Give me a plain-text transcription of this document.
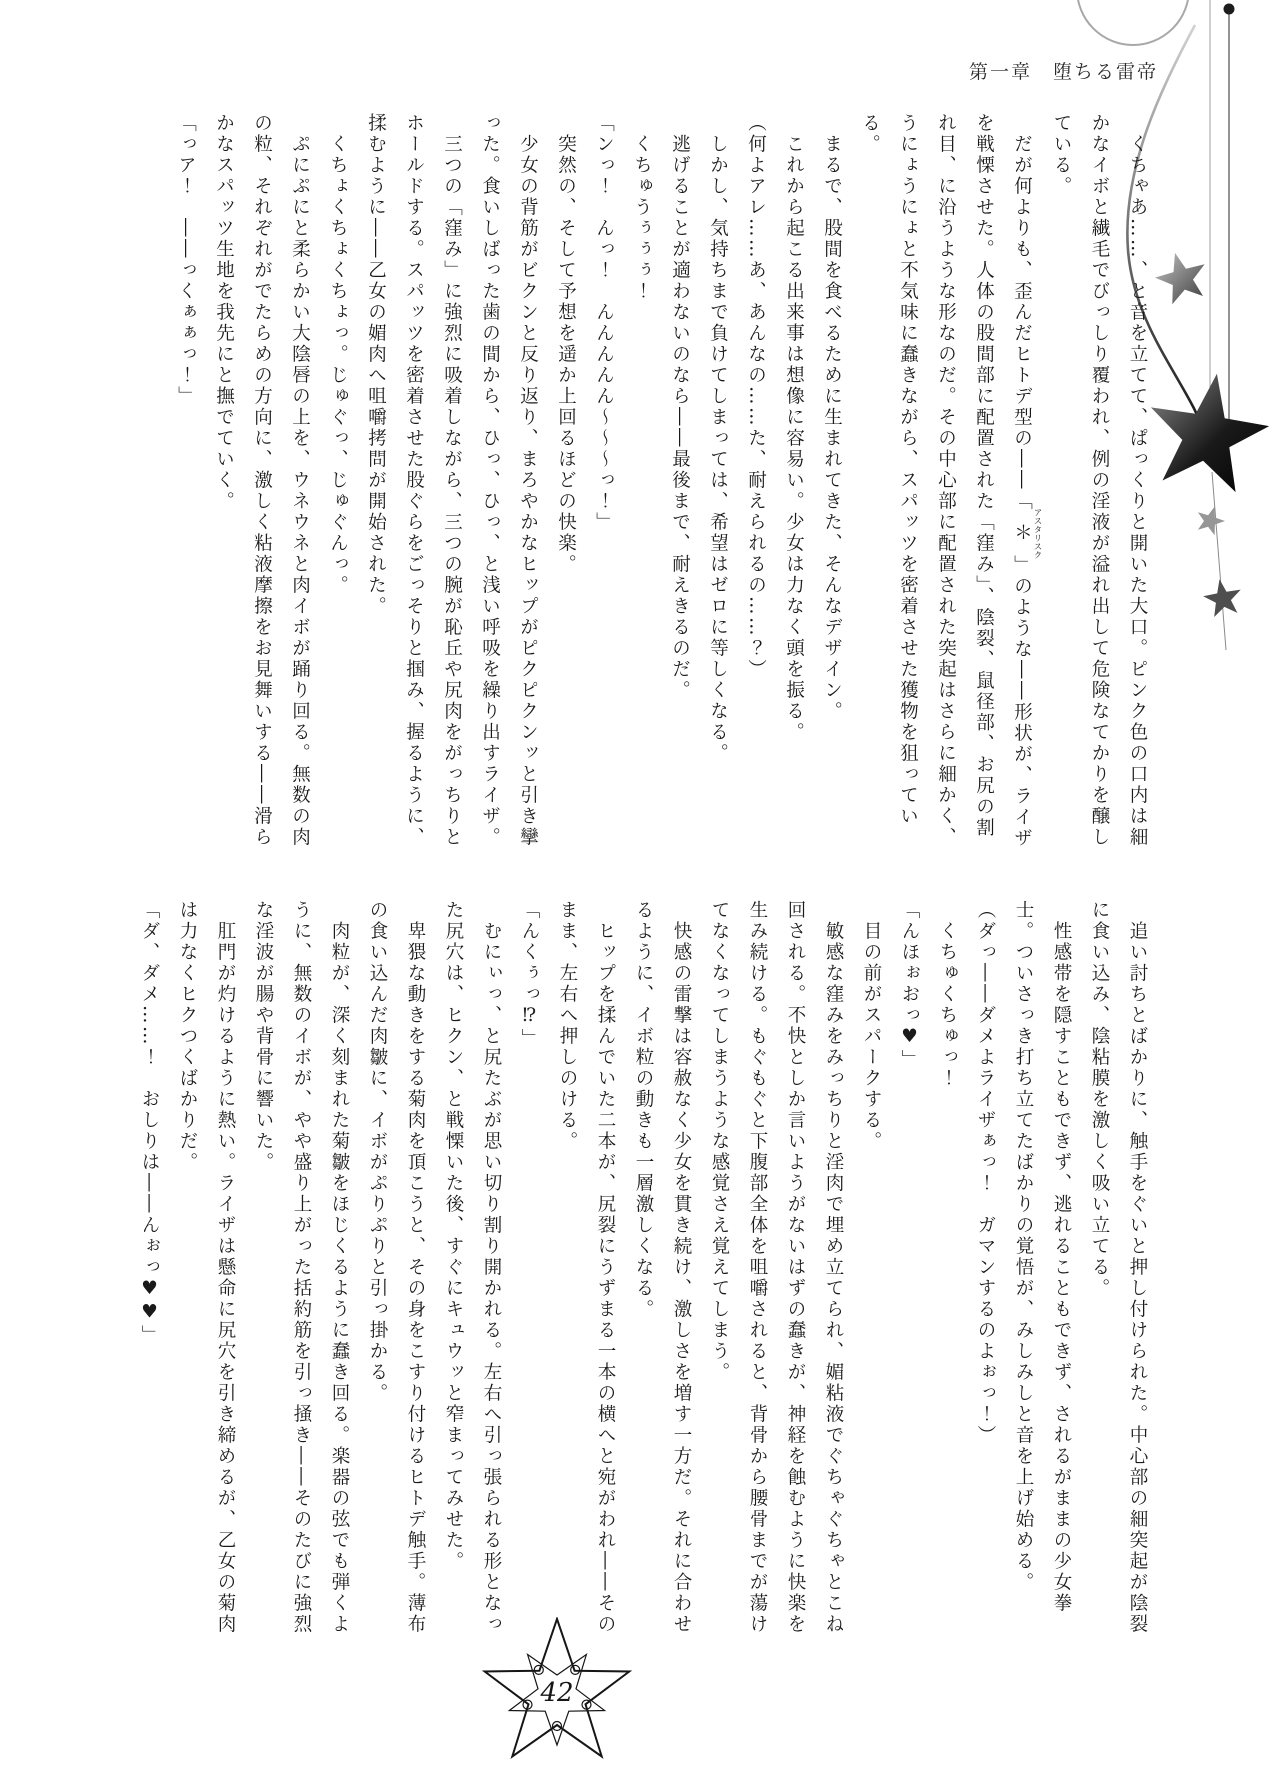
第一章　堕ちる雷帝

　くちゃあ……、と音を立てて、ぱっくりと開いた大口。ピンク色の口内は細かなイボと繊毛でびっしり覆われ、例の淫液が溢れ出して危険なてかりを醸している。

　だが何よりも、歪んだヒトデ型の――「＊ アスタリスク」のような――形状が、ライザを戦慄させた。人体の股間部に配置された「窪み」、陰裂、鼠径部、お尻の割れ目、に沿うような形なのだ。その中心部に配置された突起はさらに細かく、うにょうにょと不気味に蠢きながら、スパッツを密着させた獲物を狙っている。

　まるで、股間を食べるために生まれてきた、そんなデザイン。

　これから起こる出来事は想像に容易い。少女は力なく頭を振る。

（何よアレ……あ、あんなの……た、耐えられるの……？）

　しかし、気持ちまで負けてしまっては、希望はゼロに等しくなる。

　逃げることが適わないのなら――最後まで、耐えきるのだ。

　くちゅうぅぅぅ！

「ンっ！　んっ！　んんんんん～～～っ！」

　突然の、そして予想を遥か上回るほどの快楽。

　少女の背筋がビクンと反り返り、まろやかなヒップがピクピクンッと引き攣った。食いしばった歯の間から、ひっ、ひっ、と浅い呼吸を繰り出すライザ。

　三つの「窪み」に強烈に吸着しながら、三つの腕が恥丘や尻肉をがっちりとホールドする。スパッツを密着させた股ぐらをごっそりと掴み、握るように、揉むように――乙女の媚肉へ咀嚼拷問が開始された。

　くちょくちょくちょっ。じゅぐっ、じゅぐんっ。

　ぷにぷにと柔らかい大陰唇の上を、ウネウネと肉イボが踊り回る。無数の肉の粒、それぞれがでたらめの方向に、激しく粘液摩擦をお見舞いする――滑らかなスパッツ生地を我先にと撫でていく。

「っア！　――っくぁぁっ！」

　追い討ちとばかりに、触手をぐいと押し付けられた。中心部の細突起が陰裂に食い込み、陰粘膜を激しく吸い立てる。

　性感帯を隠すこともできず、逃れることもできず、されるがままの少女拳士。ついさっき打ち立てたばかりの覚悟が、みしみしと音を上げ始める。

（ダっ――ダメよライザぁっ！　ガマンするのよぉっ！）

　くちゅくちゅっ！

「んほぉおっ♥」

　目の前がスパークする。

　敏感な窪みをみっちりと淫肉で埋め立てられ、媚粘液でぐちゃぐちゃとこね回される。不快としか言いようがないはずの蠢きが、神経を蝕むように快楽を生み続ける。もぐもぐと下腹部全体を咀嚼されると、背骨から腰骨までが蕩けてなくなってしまうような感覚さえ覚えてしまう。

　快感の雷撃は容赦なく少女を貫き続け、激しさを増す一方だ。それに合わせるように、イボ粒の動きも一層激しくなる。

　ヒップを揉んでいた二本が、尻裂にうずまる一本の横へと宛がわれ――そのまま、左右へ押しのける。

「んくぅっ⁉」

　むにぃっ、と尻たぶが思い切り割り開かれる。左右へ引っ張られる形となった尻穴は、ヒクン、と戦慄いた後、すぐにキュウッと窄まってみせた。

　卑猥な動きをする菊肉を頂こうと、その身をこすり付けるヒトデ触手。薄布の食い込んだ肉皺に、イボがぷりぷりと引っ掛かる。

　肉粒が、深く刻まれた菊皺をほじくるように蠢き回る。楽器の弦でも弾くように、無数のイボが、やや盛り上がった括約筋を引っ掻き――そのたびに強烈な淫波が腸や背骨に響いた。

　肛門が灼けるように熱い。ライザは懸命に尻穴を引き締めるが、乙女の菊肉は力なくヒクつくばかりだ。

「ダ、ダメ……！　おしりは――んぉっ♥♥」

42
